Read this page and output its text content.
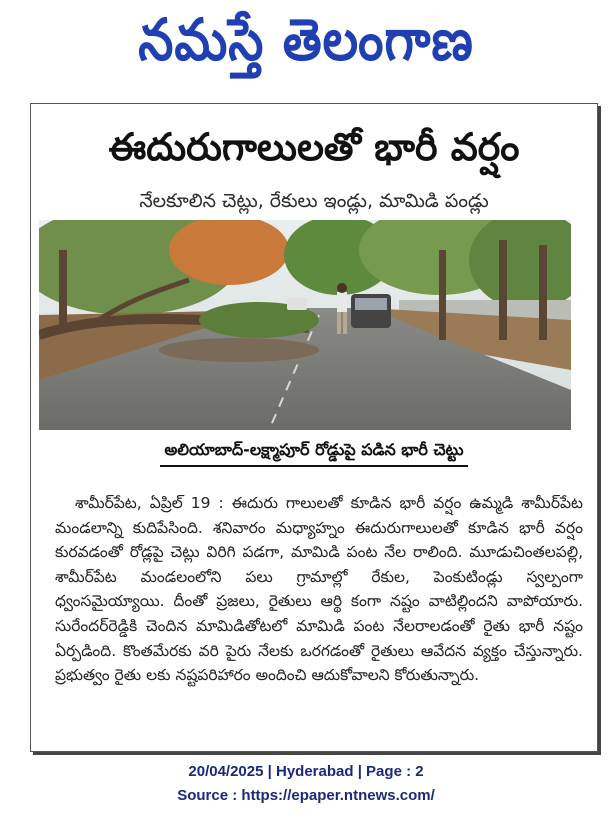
నమస్తే తెలంగాణ
ఈదురుగాలులతో భారీ వర్షం
నేలకూలిన చెట్లు, రేకులు ఇండ్లు, మామిడి పండ్లు
అలియాబాద్-లక్ష్మాపూర్ రోడ్డుపై పడిన భారీ చెట్టు
శామీర్‌పేట, ఏప్రిల్ 19 : ఈదురు గాలులతో కూడిన భారీ వర్షం ఉమ్మడి శామీర్‌పేట మండలాన్ని కుదిపేసింది. శనివారం మధ్యాహ్నం ఈదురుగాలులతో కూడిన భారీ వర్షం కురవడంతో రోడ్లపై చెట్లు విరిగి పడగా, మామిడి పంట నేల రాలింది. మూడుచింతలపల్లి, శామీర్‌పేట మండలంలోని పలు గ్రామాల్లో రేకుల, పెంకుటిండ్లు స్వల్పంగా ధ్వంసమైయ్యాయి. దీంతో ప్రజలు, రైతులు ఆర్థి కంగా నష్టం వాటిల్లిందని వాపోయారు. సురేందర్‌రెడ్డికి చెందిన మామిడితోటలో మామిడి పంట నేలరాలడంతో రైతు భారీ నష్టం ఏర్పడింది. కొంతమేరకు వరి పైరు నేలకు ఒరగడంతో రైతులు ఆవేదన వ్యక్తం చేస్తున్నారు. ప్రభుత్వం రైతు లకు నష్టపరిహారం అందించి ఆదుకోవాలని కోరుతున్నారు.
20/04/2025 | Hyderabad | Page : 2
Source : https://epaper.ntnews.com/
